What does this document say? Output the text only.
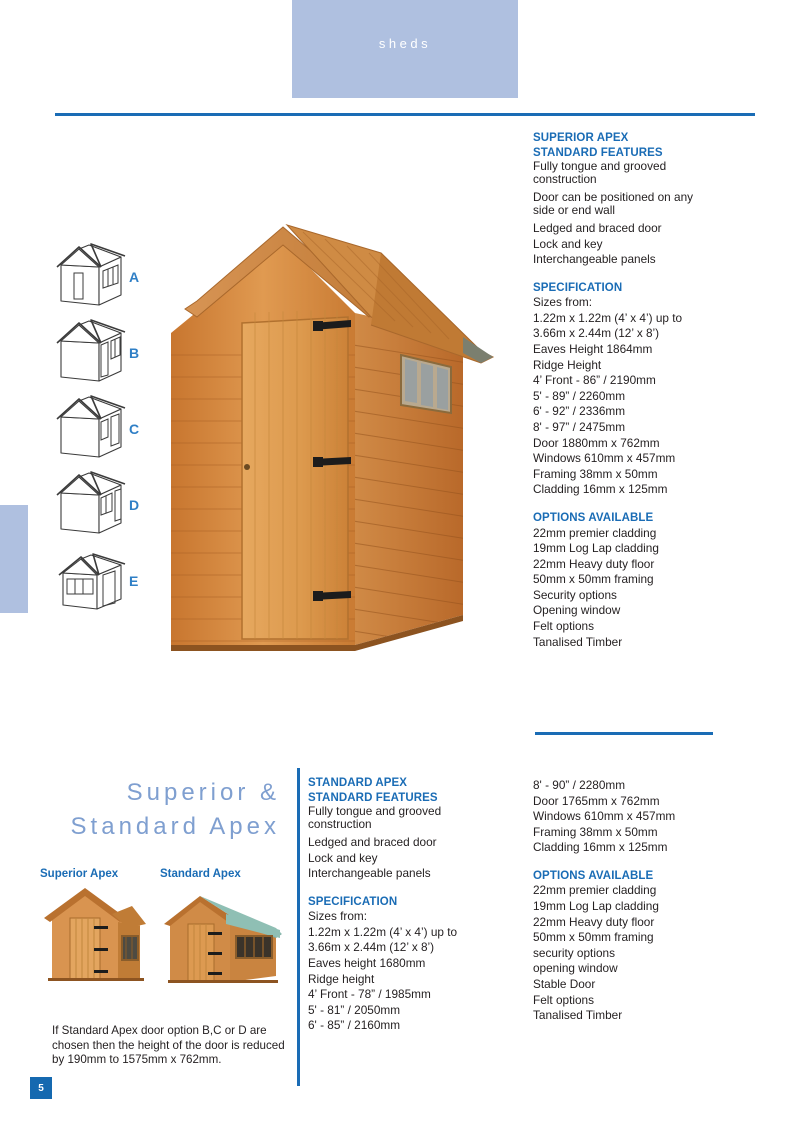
sheds
A
B
C
D
E
SUPERIOR APEX
STANDARD FEATURES
Fully tongue and grooved
construction
Door can be positioned on any
side or end wall
Ledged and braced door
Lock and key
Interchangeable panels
SPECIFICATION
Sizes from:
1.22m x 1.22m (4’ x 4’) up to
3.66m x 2.44m (12’ x 8’)
Eaves Height 1864mm
Ridge Height
4’ Front - 86” / 2190mm
5' - 89” / 2260mm
6' - 92” / 2336mm
8' - 97” / 2475mm
Door 1880mm x 762mm
Windows 610mm x 457mm
Framing 38mm x 50mm
Cladding 16mm x 125mm
OPTIONS AVAILABLE
22mm premier cladding
19mm Log Lap cladding
22mm Heavy duty floor
50mm x 50mm framing
Security options
Opening window
Felt options
Tanalised Timber
Superior &
Standard Apex
Superior Apex	Standard Apex
If Standard Apex door option B,C or D are chosen then the height of the door is reduced by 190mm to 1575mm x 762mm.
5
STANDARD APEX
STANDARD FEATURES
Fully tongue and grooved
construction
Ledged and braced door
Lock and key
Interchangeable panels
SPECIFICATION
Sizes from:
1.22m x 1.22m (4’ x 4’) up to
3.66m x 2.44m (12’ x 8’)
Eaves height 1680mm
Ridge height
4’ Front - 78” / 1985mm
5' - 81” / 2050mm
6' - 85” / 2160mm
8' - 90” / 2280mm
Door 1765mm x 762mm
Windows 610mm x 457mm
Framing 38mm x 50mm
Cladding 16mm x 125mm
OPTIONS AVAILABLE
22mm premier cladding
19mm Log Lap cladding
22mm Heavy duty floor
50mm x 50mm framing
security options
opening window
Stable Door
Felt options
Tanalised Timber
